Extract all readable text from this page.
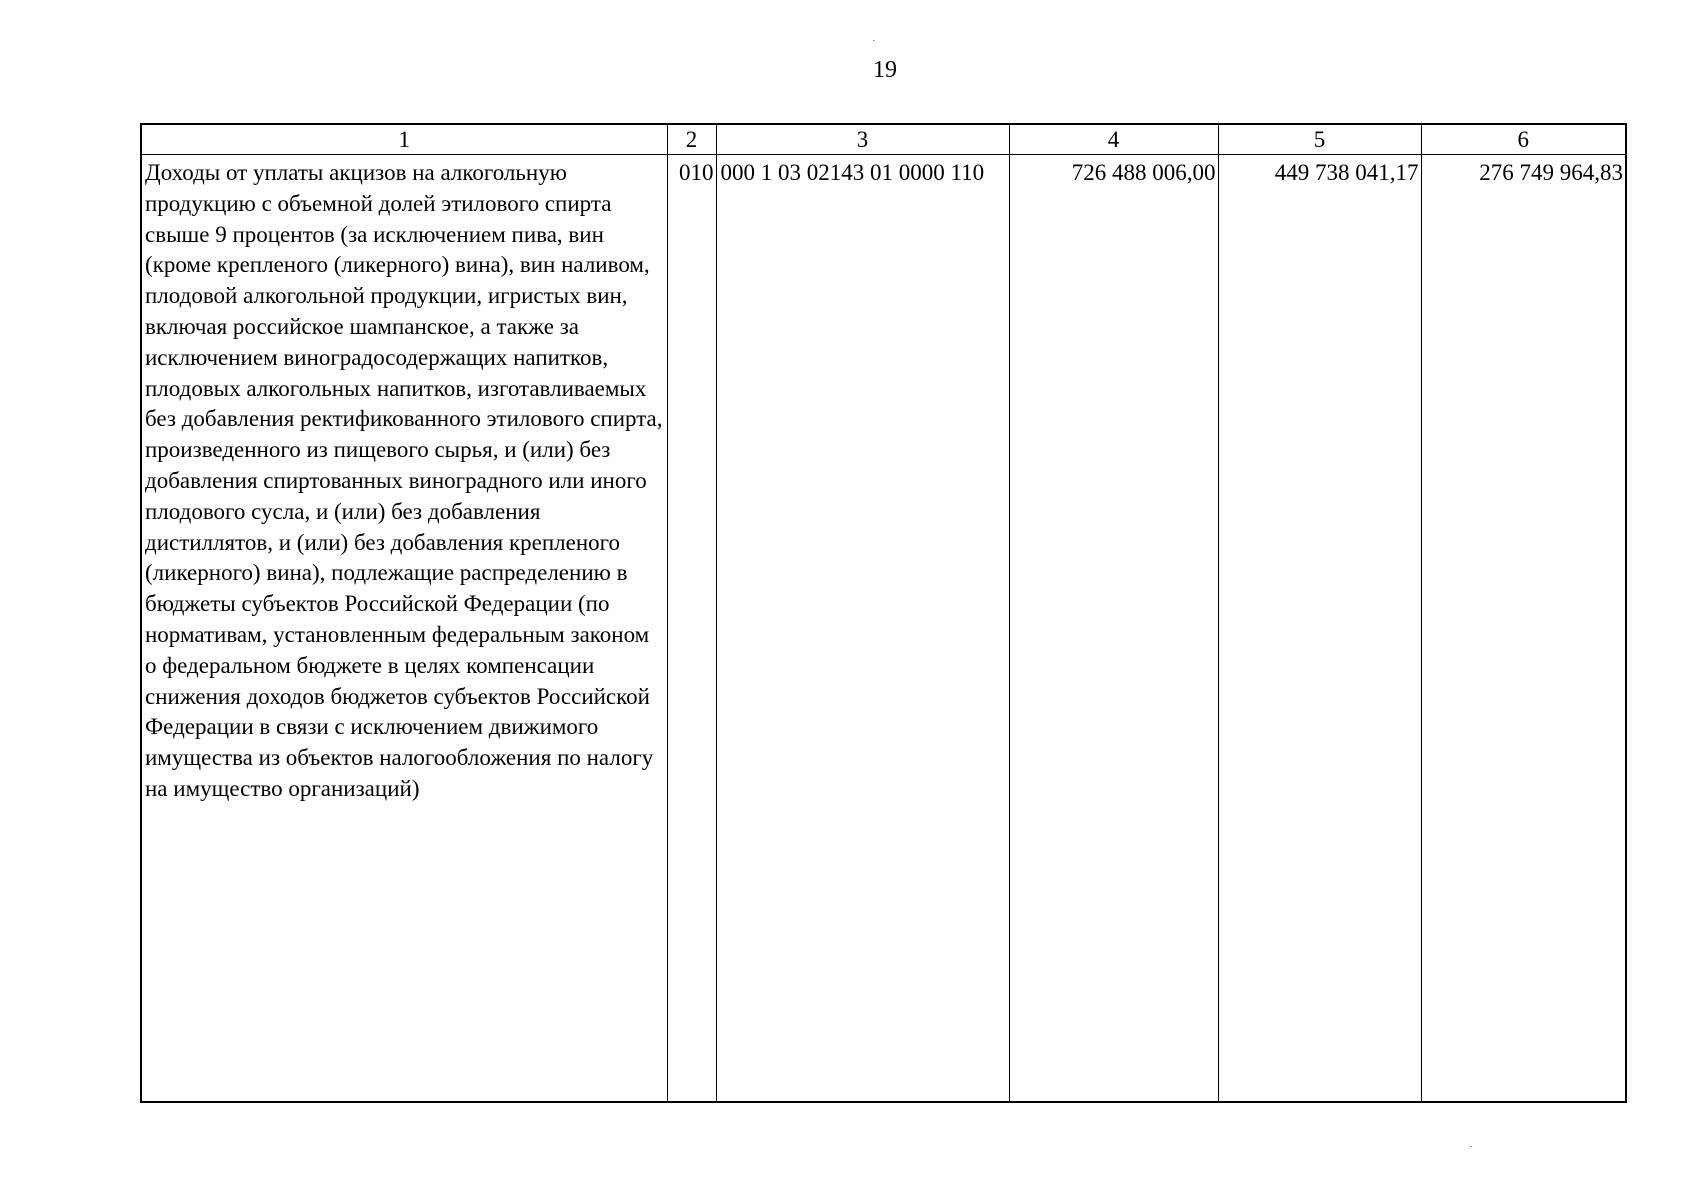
19
1	2	3	4	5	6
Доходы от уплаты акцизов на алкогольную продукцию с объемной долей этилового спирта свыше 9 процентов (за исключением пива, вин (кроме крепленого (ликерного) вина), вин наливом, плодовой алкогольной продукции, игристых вин, включая российское шампанское, а также за исключением виноградосодержащих напитков, плодовых алкогольных напитков, изготавливаемых без добавления ректификованного этилового спирта, произведенного из пищевого сырья, и (или) без добавления спиртованных виноградного или иного плодового сусла, и (или) без добавления дистиллятов, и (или) без добавления крепленого (ликерного) вина), подлежащие распределению в бюджеты субъектов Российской Федерации (по нормативам, установленным федеральным законом о федеральном бюджете в целях компенсации снижения доходов бюджетов субъектов Российской Федерации в связи с исключением движимого имущества из объектов налогообложения по налогу на имущество организаций)	010	000 1 03 02143 01 0000 110	726 488 006,00	449 738 041,17	276 749 964,83
